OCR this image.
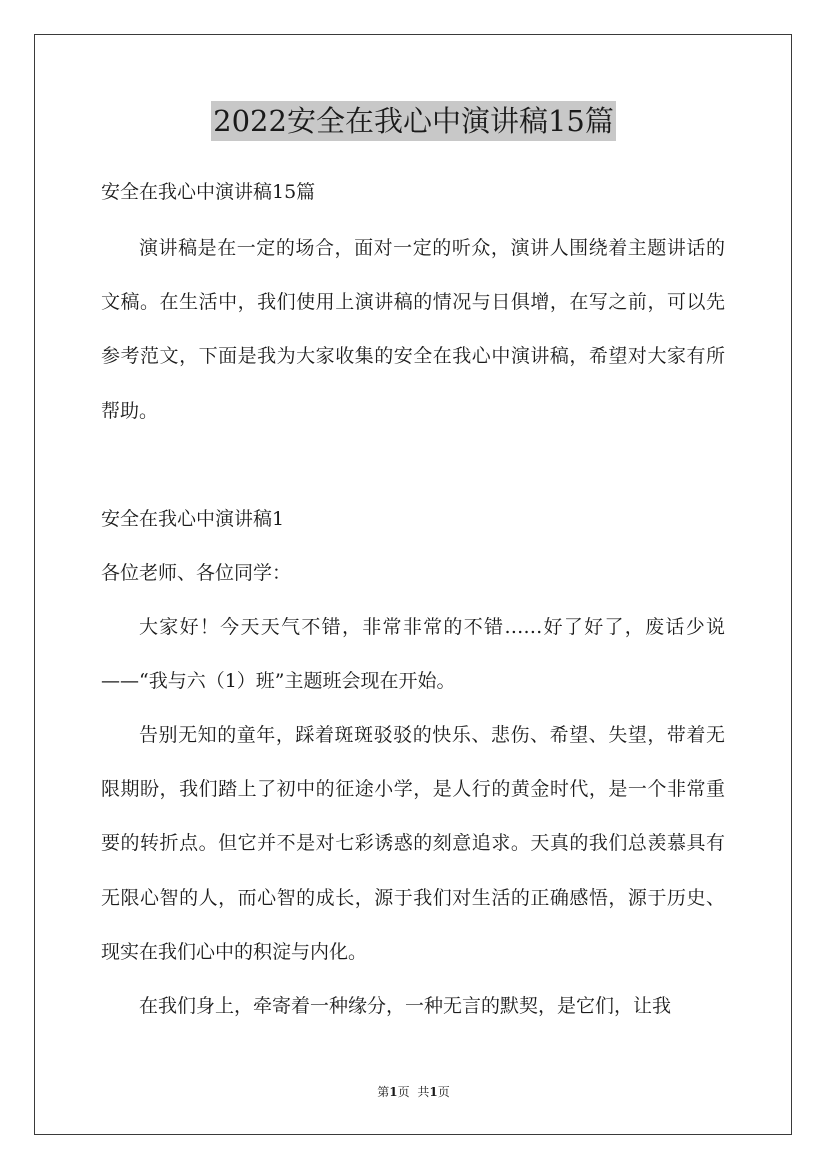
2022安全在我心中演讲稿15篇
安全在我心中演讲稿15篇
演讲稿是在一定的场合，面对一定的听众，演讲人围绕着主题讲话的文稿。在生活中，我们使用上演讲稿的情况与日俱增，在写之前，可以先参考范文，下面是我为大家收集的安全在我心中演讲稿，希望对大家有所帮助。
安全在我心中演讲稿1
各位老师、各位同学：
大家好！今天天气不错，非常非常的不错……好了好了，废话少说——“我与六（1）班”主题班会现在开始。
告别无知的童年，踩着斑斑驳驳的快乐、悲伤、希望、失望，带着无限期盼，我们踏上了初中的征途小学，是人行的黄金时代，是一个非常重要的转折点。但它并不是对七彩诱惑的刻意追求。天真的我们总羡慕具有无限心智的人，而心智的成长，源于我们对生活的正确感悟，源于历史、现实在我们心中的积淀与内化。
在我们身上，牵寄着一种缘分，一种无言的默契，是它们，让我
第1页 共1页
